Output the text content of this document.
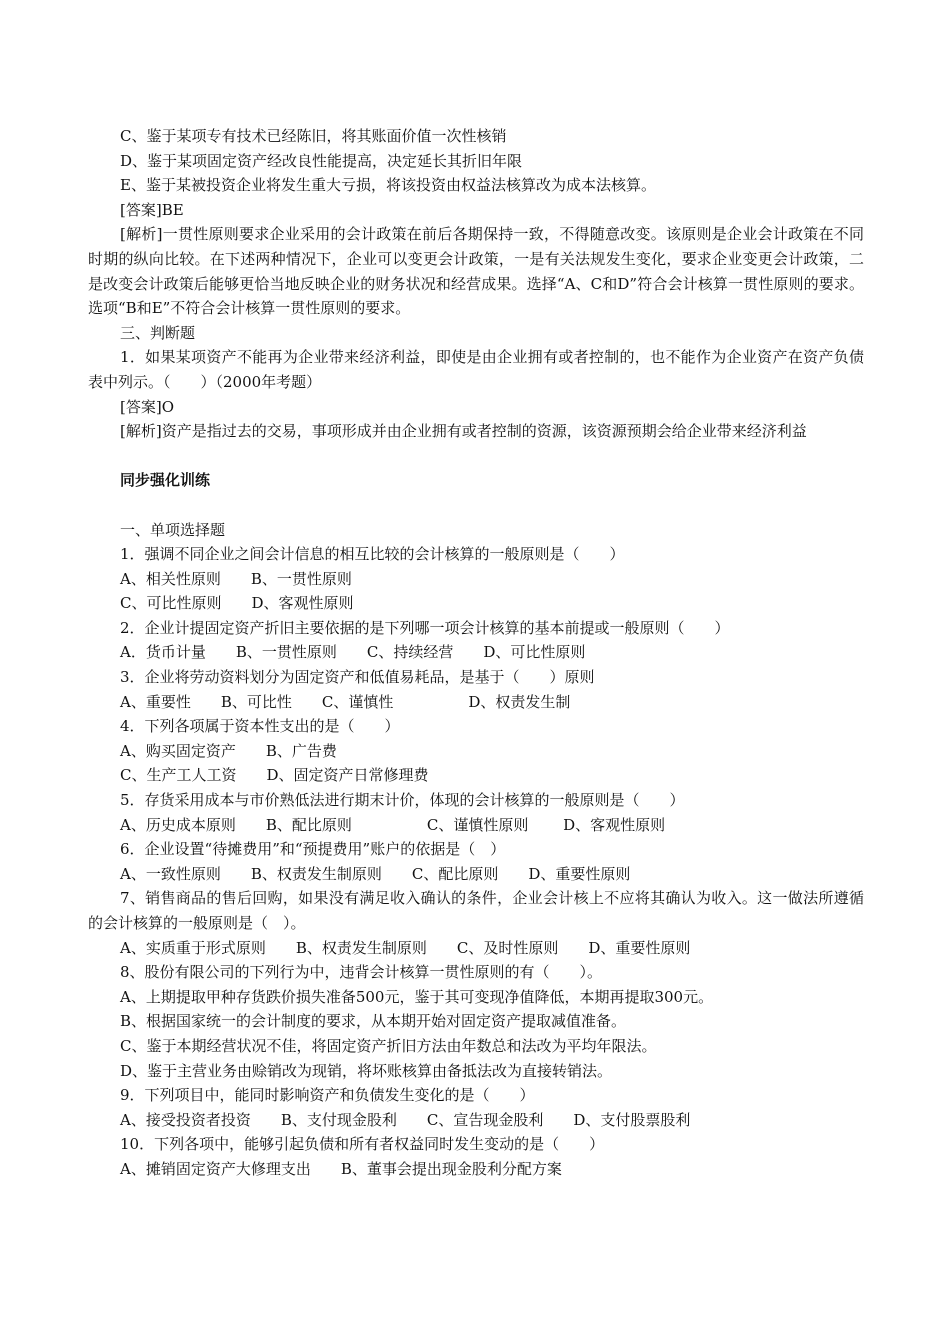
C、鉴于某项专有技术已经陈旧，将其账面价值一次性核销
D、鉴于某项固定资产经改良性能提高，决定延长其折旧年限
E、鉴于某被投资企业将发生重大亏损，将该投资由权益法核算改为成本法核算。
[答案]BE
[解析]一贯性原则要求企业采用的会计政策在前后各期保持一致，不得随意改变。该原则是企业会计政策在不同时期的纵向比较。在下述两种情况下，企业可以变更会计政策，一是有关法规发生变化，要求企业变更会计政策，二是改变会计政策后能够更恰当地反映企业的财务状况和经营成果。选择“A、C和D”符合会计核算一贯性原则的要求。选项“B和E”不符合会计核算一贯性原则的要求。
三、判断题
1．如果某项资产不能再为企业带来经济利益，即使是由企业拥有或者控制的，也不能作为企业资产在资产负债表中列示。（　　）（2000年考题）
[答案]O
[解析]资产是指过去的交易，事项形成并由企业拥有或者控制的资源，该资源预期会给企业带来经济利益
同步强化训练
一、单项选择题
1．强调不同企业之间会计信息的相互比较的会计核算的一般原则是（　　）
A、相关性原则　　B、一贯性原则
C、可比性原则　　D、客观性原则
2．企业计提固定资产折旧主要依据的是下列哪一项会计核算的基本前提或一般原则（　　）
A．货币计量　　B、一贯性原则　　C、持续经营　　D、可比性原则
3．企业将劳动资料划分为固定资产和低值易耗品，是基于（　　）原则
A、重要性　　B、可比性　　C、谨慎性　　　　　D、权责发生制
4．下列各项属于资本性支出的是（　　）
A、购买固定资产　　B、广告费
C、生产工人工资　　D、固定资产日常修理费
5．存货采用成本与市价熟低法进行期末计价，体现的会计核算的一般原则是（　　）
A、历史成本原则　　B、配比原则　　　　　C、谨慎性原则　　 D、客观性原则
6．企业设置“待摊费用”和“预提费用”账户的依据是（　）
A、一致性原则　　B、权责发生制原则　　C、配比原则　　D、重要性原则
7、销售商品的售后回购，如果没有满足收入确认的条件，企业会计核上不应将其确认为收入。这一做法所遵循的会计核算的一般原则是（　）。
A、实质重于形式原则　　B、权责发生制原则　　C、及时性原则　　D、重要性原则
8、股份有限公司的下列行为中，违背会计核算一贯性原则的有（　　）。
A、上期提取甲种存货跌价损失准备500元，鉴于其可变现净值降低，本期再提取300元。
B、根据国家统一的会计制度的要求，从本期开始对固定资产提取减值准备。
C、鉴于本期经营状况不佳，将固定资产折旧方法由年数总和法改为平均年限法。
D、鉴于主营业务由赊销改为现销，将坏账核算由备抵法改为直接转销法。
9．下列项目中，能同时影响资产和负债发生变化的是（　　）
A、接受投资者投资　　B、支付现金股利　　C、宣告现金股利　　D、支付股票股利
10．下列各项中，能够引起负债和所有者权益同时发生变动的是（　　）
A、摊销固定资产大修理支出　　B、董事会提出现金股利分配方案
